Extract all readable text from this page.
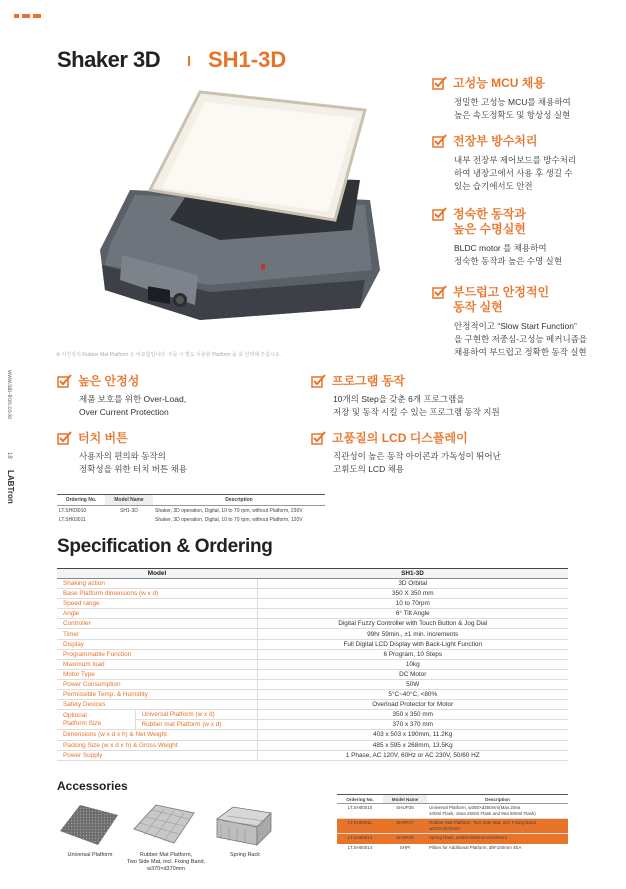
Shaker 3D SH1-3D
www.lab-tron.co.kr
18
LABTron
※ 사진상의 Rubber Mat Platform 은 비포함입니다. 주문 시 별도 사용할 Platform 을 꼭 선택해 주십시오.
고성능 MCU 채용
정밀한 고성능 MCU를 채용하여
높은 속도정확도 및 항상성 실현
전장부 방수처리
내부 전장부 제어보드를 방수처리
하여 냉장고에서 사용 후 생길 수
있는 습기에서도 안전
정숙한 동작과
높은 수명실현
BLDC motor 를 채용하여
정숙한 동작과 높은 수명 실현
부드럽고 안정적인
동작 실현
안정적이고 “Slow Start Function”
을 구현한 저중심-고성능 메커니즘을
채용하여 부드럽고 정확한 동작 실현
높은 안정성
제품 보호를 위한 Over-Load,
Over Current Protection
프로그램 동작
10개의 Step을 갖춘 6개 프로그램을
저장 및 동작 시킬 수 있는 프로그램 동작 지원
터치 버튼
사용자의 편의와 동작의
정확성을 위한 터치 버튼 채용
고품질의 LCD 디스플레이
직관성이 높은 동작 아이콘과 가독성이 뛰어난
고휘도의 LCD 채용
Ordering No.	Model Name	Description
LT.SH03010	SH1-3D	Shaker, 3D operation, Digital, 10 to 70 rpm, without Platform, 230V
LT.SH03011		Shaker, 3D operation, Digital, 10 to 70 rpm, without Platform, 120V
Specification & Ordering
Model		SH1-3D
Shaking action		3D Orbital
Base Platform dimensions (w x d)		350 X 350 mm
Speed range		10 to 70rpm
Angle		6° Tilt Angle
Controller		Digital Fuzzy Controller with Touch Button & Jog Dial
Timer		99hr 59min., ±1 min. increments
Display		Full Digital LCD Display with Back-Light Function
Programmable Function		6 Program, 10 Steps
Maximum load		10kg
Motor Type		DC Motor
Power Consumption		50W
Permissible Temp. & Humidity		5°C~40°C, <80%
Safety Devices		Overload Protector for Motor
Optional
Platform Size	Universal Platform (w x d)	350 x 350 mm
	Rubber mat Platform (w x d)	370 x 370 mm
Dimensions (w x d x h) & Net Weight		403 x 503 x 190mm, 11.2Kg
Packing Size (w x d x h) & Gross Weight		485 x 595 x 268mm, 13.5Kg
Power Supply		1 Phase, AC 120V, 60Hz or AC 230V, 50/60 HZ
Accessories
Universal Platform	Rubber Mat Platform,
Two Side Mat, incl. Fixing Band,
w370×d370mm
Spring Rack
Ordering No.	Model Name	Description
LT.SH00010	SHUP35	Universal Platform, w350×d350mm(Max.20ea
100ml Flask, 16ea 250ml Flask and 9ea 500ml Flask)
LT.SH00011	SHRP37	Rubber Mat Platform, Two Side Mat, incl. Fixing Band,
w370×d370mm
LT.SH00013	SHSR35	Spring Rack, w350×d350mm×h100mm
LT.SH00014	SHPI	Pillars for Additional Platform, Ø8*100mm 4EA
